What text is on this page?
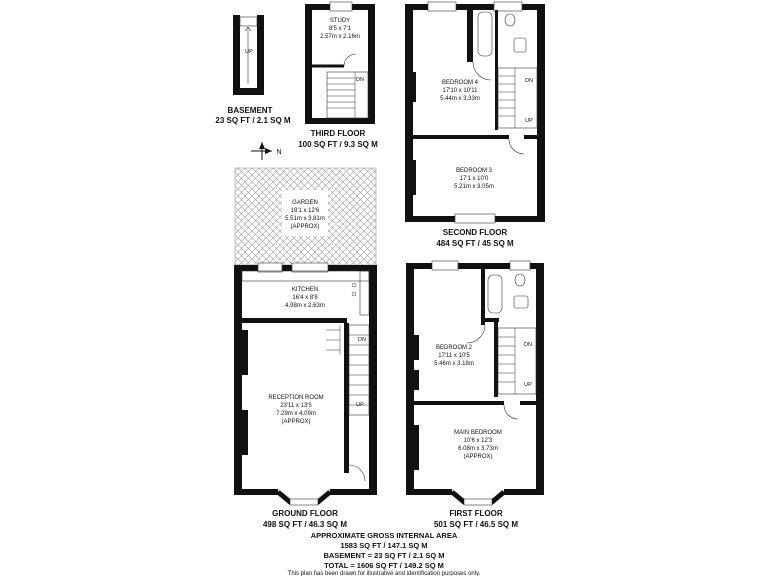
UP
BASEMENT
23 SQ FT / 2.1 SQ M
STUDY
8'5 x 7'1
2.57m x 2.16m
DN
THIRD FLOOR
100 SQ FT / 9.3 SQ M
N
DN
UP
BEDROOM 4
17'10 x 10'11
5.44m x 3.33m
BEDROOM 3
17'1 x 10'0
5.21m x 3.05m
SECOND FLOOR
484 SQ FT / 45 SQ M
GARDEN
18'1 x 12'6
5.51m x 3.81m
(APPROX)
KITCHEN
16'4 x 8'8
4.98m x 2.63m
DN
UP
IN
RECEPTION ROOM
23'11 x 13'5
7.29m x 4.09m
(APPROX)
GROUND FLOOR
498 SQ FT / 46.3 SQ M
DN
UP
BEDROOM 2
17'11 x 10'5
5.46m x 3.18m
MAIN BEDROOM
10'6 x 12'3
6.08m x 3.73m
(APPROX)
FIRST FLOOR
501 SQ FT / 46.5 SQ M
APPROXIMATE GROSS INTERNAL AREA
1583 SQ FT / 147.1 SQ M
BASEMENT = 23 SQ FT / 2.1 SQ M
TOTAL = 1606 SQ FT / 149.2 SQ M
This plan has been drawn for illustrative and identification purposes only.
